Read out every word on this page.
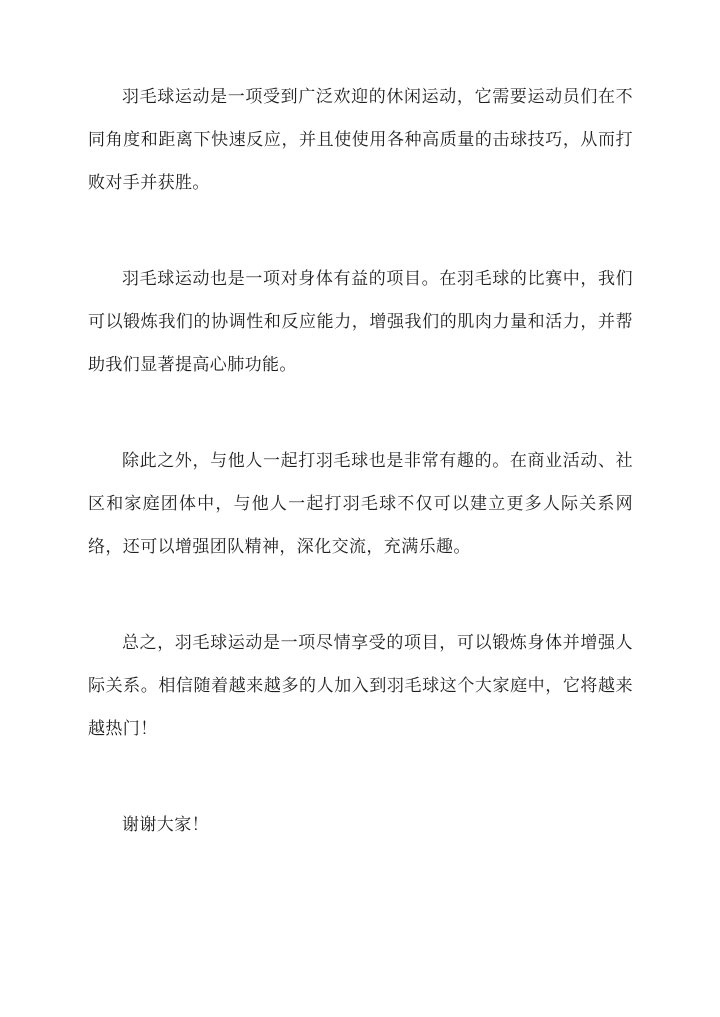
羽毛球运动是一项受到广泛欢迎的休闲运动，它需要运动员们在不同角度和距离下快速反应，并且使使用各种高质量的击球技巧，从而打败对手并获胜。

羽毛球运动也是一项对身体有益的项目。在羽毛球的比赛中，我们可以锻炼我们的协调性和反应能力，增强我们的肌肉力量和活力，并帮助我们显著提高心肺功能。

除此之外，与他人一起打羽毛球也是非常有趣的。在商业活动、社区和家庭团体中，与他人一起打羽毛球不仅可以建立更多人际关系网络，还可以增强团队精神，深化交流，充满乐趣。

总之，羽毛球运动是一项尽情享受的项目，可以锻炼身体并增强人际关系。相信随着越来越多的人加入到羽毛球这个大家庭中，它将越来越热门！

谢谢大家！
